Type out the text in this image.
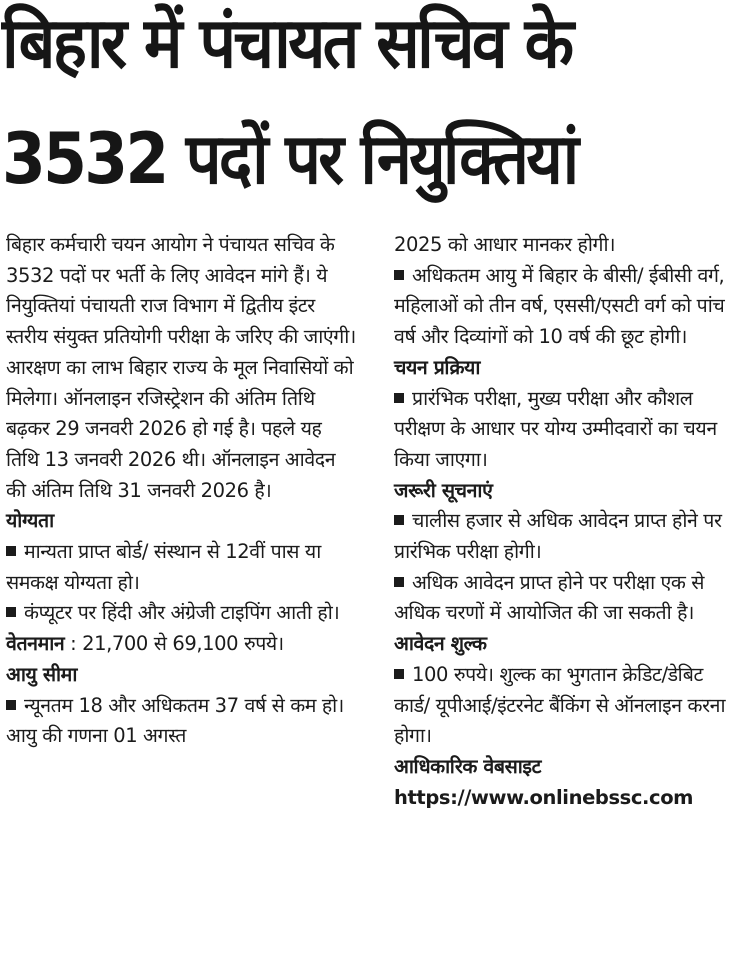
बिहार में पंचायत सचिव के
3532 पदों पर नियुक्तियां

बिहार कर्मचारी चयन आयोग ने पंचायत सचिव के 3532 पदों पर भर्ती के लिए आवेदन मांगे हैं। ये नियुक्तियां पंचायती राज विभाग में द्वितीय इंटर स्तरीय संयुक्त प्रतियोगी परीक्षा के जरिए की जाएंगी। आरक्षण का लाभ बिहार राज्य के मूल निवासियों को मिलेगा। ऑनलाइन रजिस्ट्रेशन की अंतिम तिथि बढ़कर 29 जनवरी 2026 हो गई है। पहले यह तिथि 13 जनवरी 2026 थी। ऑनलाइन आवेदन की अंतिम तिथि 31 जनवरी 2026 है।

योग्यता

मान्यता प्राप्त बोर्ड/ संस्थान से 12वीं पास या समकक्ष योग्यता हो।

कंप्यूटर पर हिंदी और अंग्रेजी टाइपिंग आती हो।

वेतनमान : 21,700 से 69,100 रुपये।

आयु सीमा

न्यूनतम 18 और अधिकतम 37 वर्ष से कम हो। आयु की गणना 01 अगस्त

2025 को आधार मानकर होगी।

अधिकतम आयु में बिहार के बीसी/ ईबीसी वर्ग, महिलाओं को तीन वर्ष, एससी/एसटी वर्ग को पांच वर्ष और दिव्यांगों को 10 वर्ष की छूट होगी।

चयन प्रक्रिया

प्रारंभिक परीक्षा, मुख्य परीक्षा और कौशल परीक्षण के आधार पर योग्य उम्मीदवारों का चयन किया जाएगा।

जरूरी सूचनाएं

चालीस हजार से अधिक आवेदन प्राप्त होने पर प्रारंभिक परीक्षा होगी।

अधिक आवेदन प्राप्त होने पर परीक्षा एक से अधिक चरणों में आयोजित की जा सकती है।

आवेदन शुल्क

100 रुपये। शुल्क का भुगतान क्रेडिट/डेबिट कार्ड/ यूपीआई/इंटरनेट बैंकिंग से ऑनलाइन करना होगा।

आधिकारिक वेबसाइट

https://www.onlinebssc.com
